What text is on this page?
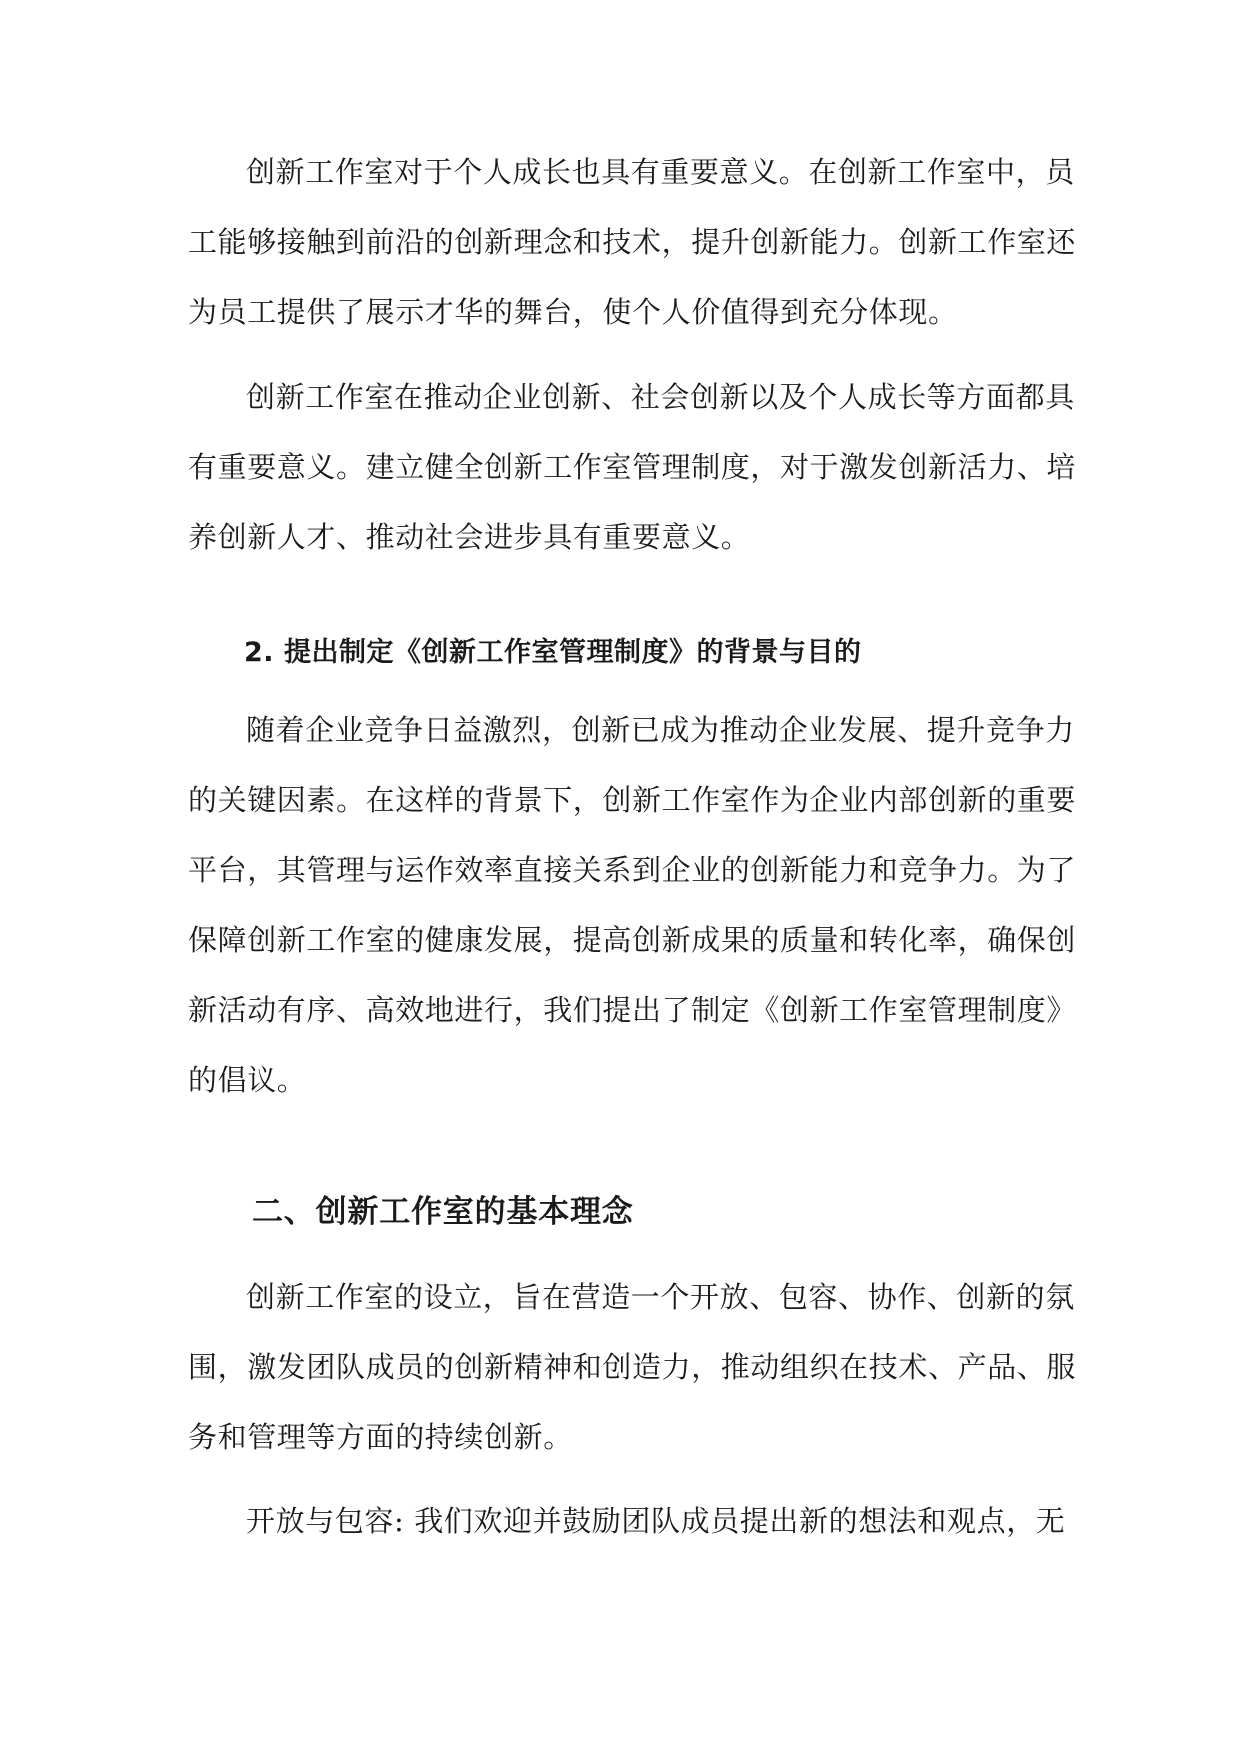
创新工作室对于个人成长也具有重要意义。在创新工作室中，员
工能够接触到前沿的创新理念和技术，提升创新能力。创新工作室还
为员工提供了展示才华的舞台，使个人价值得到充分体现。
创新工作室在推动企业创新、社会创新以及个人成长等方面都具
有重要意义。建立健全创新工作室管理制度，对于激发创新活力、培
养创新人才、推动社会进步具有重要意义。
2. 提出制定《创新工作室管理制度》的背景与目的
随着企业竞争日益激烈，创新已成为推动企业发展、提升竞争力
的关键因素。在这样的背景下，创新工作室作为企业内部创新的重要
平台，其管理与运作效率直接关系到企业的创新能力和竞争力。为了
保障创新工作室的健康发展，提高创新成果的质量和转化率，确保创
新活动有序、高效地进行，我们提出了制定《创新工作室管理制度》
的倡议。
二、创新工作室的基本理念
创新工作室的设立，旨在营造一个开放、包容、协作、创新的氛
围，激发团队成员的创新精神和创造力，推动组织在技术、产品、服
务和管理等方面的持续创新。
开放与包容: 我们欢迎并鼓励团队成员提出新的想法和观点，无
